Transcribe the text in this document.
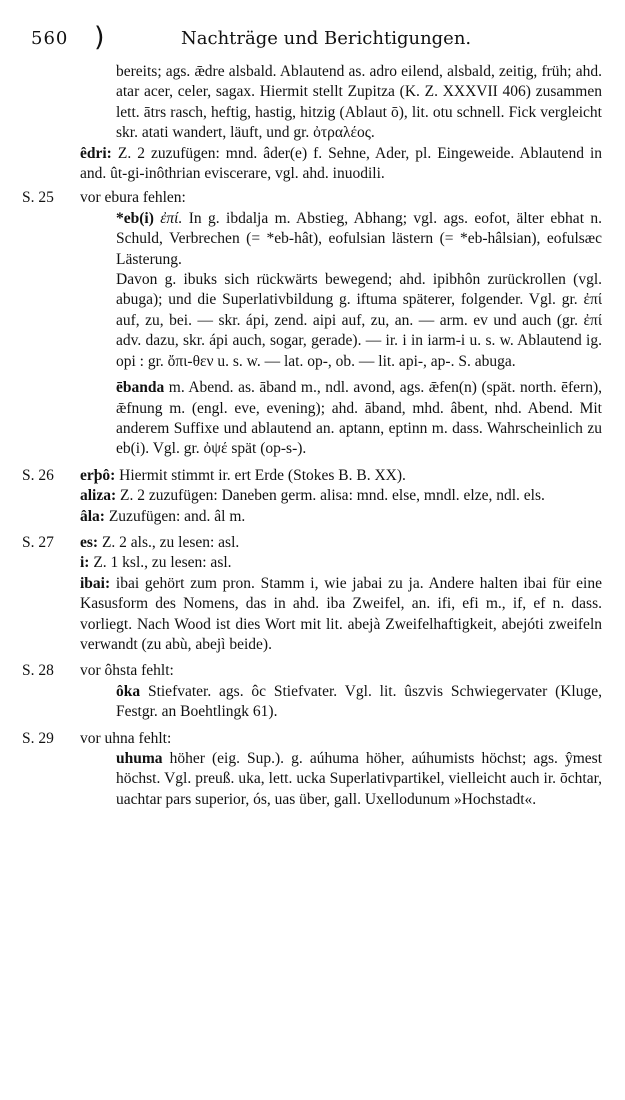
560 )	Nachträge und Berichtigungen.

bereits; ags. ǣdre alsbald. Ablautend as. adro eilend, alsbald, zeitig, früh; ahd. atar acer, celer, sagax. Hiermit stellt Zupitza (K. Z. XXXVII 406) zusammen lett. ātrs rasch, heftig, hastig, hitzig (Ablaut ō), lit. otu schnell. Fick vergleicht skr. atati wandert, läuft, und gr. ὀτραλέος.

êdri: Z. 2 zuzufügen: mnd. âder(e) f. Sehne, Ader, pl. Eingeweide. Ablautend in and. ût-gi-inôthrian eviscerare, vgl. ahd. inuodili.

S. 25 vor ebura fehlen:

*eb(i) ἐπί. In g. ibdalja m. Abstieg, Abhang; vgl. ags. eofot, älter ebhat n. Schuld, Verbrechen (= *eb-hât), eofulsian lästern (= *eb-hâlsian), eofulsæc Lästerung.

Davon g. ibuks sich rückwärts bewegend; ahd. ipibhôn zurückrollen (vgl. abuga); und die Superlativbildung g. iftuma späterer, folgender. Vgl. gr. ἐπί auf, zu, bei. — skr. ápi, zend. aipi auf, zu, an. — arm. ev und auch (gr. ἐπί adv. dazu, skr. ápi auch, sogar, gerade). — ir. i in iarm-i u. s. w. Ablautend ig. opi : gr. ὄπι-θεν u. s. w. — lat. op-, ob. — lit. api-, ap-. S. abuga.

ēbanda m. Abend. as. āband m., ndl. avond, ags. ǣfen(n) (spät. north. ēfern), ǣfnung m. (engl. eve, evening); ahd. āband, mhd. âbent, nhd. Abend. Mit anderem Suffixe und ablautend an. aptann, eptinn m. dass. Wahrscheinlich zu eb(i). Vgl. gr. ὀψέ spät (op-s-).

S. 26 erþô: Hiermit stimmt ir. ert Erde (Stokes B. B. XX).

aliza: Z. 2 zuzufügen: Daneben germ. alisa: mnd. else, mndl. elze, ndl. els.

âla: Zuzufügen: and. âl m.

S. 27 es: Z. 2 als., zu lesen: asl.

i: Z. 1 ksl., zu lesen: asl.

ibai: ibai gehört zum pron. Stamm i, wie jabai zu ja. Andere halten ibai für eine Kasusform des Nomens, das in ahd. iba Zweifel, an. ifi, efi m., if, ef n. dass. vorliegt. Nach Wood ist dies Wort mit lit. abejà Zweifelhaftigkeit, abejóti zweifeln verwandt (zu abù, abejì beide).

S. 28 vor ôhsta fehlt:

ôka Stiefvater. ags. ôc Stiefvater. Vgl. lit. ûszvis Schwiegervater (Kluge, Festgr. an Boehtlingk 61).

S. 29 vor uhna fehlt:

uhuma höher (eig. Sup.). g. aúhuma höher, aúhumists höchst; ags. ŷmest höchst. Vgl. preuß. uka, lett. ucka Superlativpartikel, vielleicht auch ir. ōchtar, uachtar pars superior, ós, uas über, gall. Uxellodunum »Hochstadt«.
